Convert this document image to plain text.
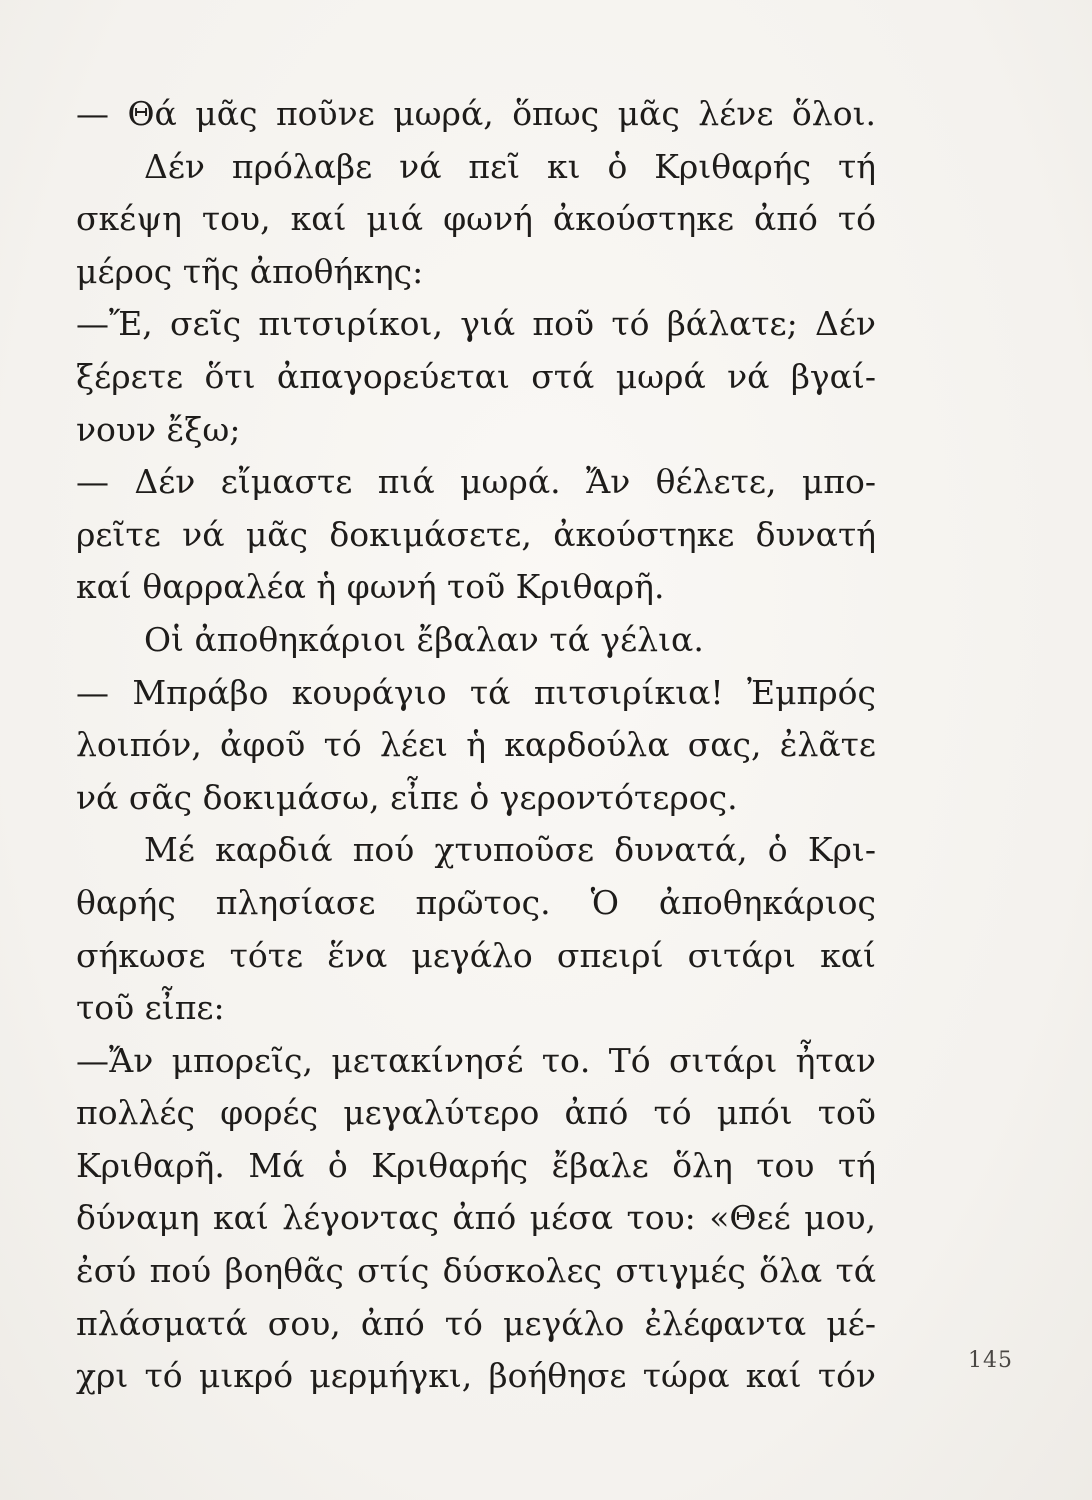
— Θά μᾶς ποῦνε μωρά, ὅπως μᾶς λένε ὅλοι.
Δέν πρόλαβε νά πεῖ κι ὁ Κριθαρής τή
σκέψη του, καί μιά φωνή ἀκούστηκε ἀπό τό
μέρος τῆς ἀποθήκης:
—Ἔ, σεῖς πιτσιρίκοι, γιά ποῦ τό βάλατε; Δέν
ξέρετε ὅτι ἀπαγορεύεται στά μωρά νά βγαί-
νουν ἔξω;
— Δέν εἴμαστε πιά μωρά. Ἄν θέλετε, μπο-
ρεῖτε νά μᾶς δοκιμάσετε, ἀκούστηκε δυνατή
καί θαρραλέα ἡ φωνή τοῦ Κριθαρῆ.
Οἱ ἀποθηκάριοι ἔβαλαν τά γέλια.
— Μπράβο κουράγιο τά πιτσιρίκια! Ἐμπρός
λοιπόν, ἀφοῦ τό λέει ἡ καρδούλα σας, ἐλᾶτε
νά σᾶς δοκιμάσω, εἶπε ὁ γεροντότερος.
Μέ καρδιά πού χτυποῦσε δυνατά, ὁ Κρι-
θαρής πλησίασε πρῶτος. Ὁ ἀποθηκάριος
σήκωσε τότε ἕνα μεγάλο σπειρί σιτάρι καί
τοῦ εἶπε:
—Ἄν μπορεῖς, μετακίνησέ το. Τό σιτάρι ἦταν
πολλές φορές μεγαλύτερο ἀπό τό μπόι τοῦ
Κριθαρῆ. Μά ὁ Κριθαρής ἔβαλε ὅλη του τή
δύναμη καί λέγοντας ἀπό μέσα του: «Θεέ μου,
ἐσύ πού βοηθᾶς στίς δύσκολες στιγμές ὅλα τά
πλάσματά σου, ἀπό τό μεγάλο ἐλέφαντα μέ-
χρι τό μικρό μερμήγκι, βοήθησε τώρα καί τόν	145
